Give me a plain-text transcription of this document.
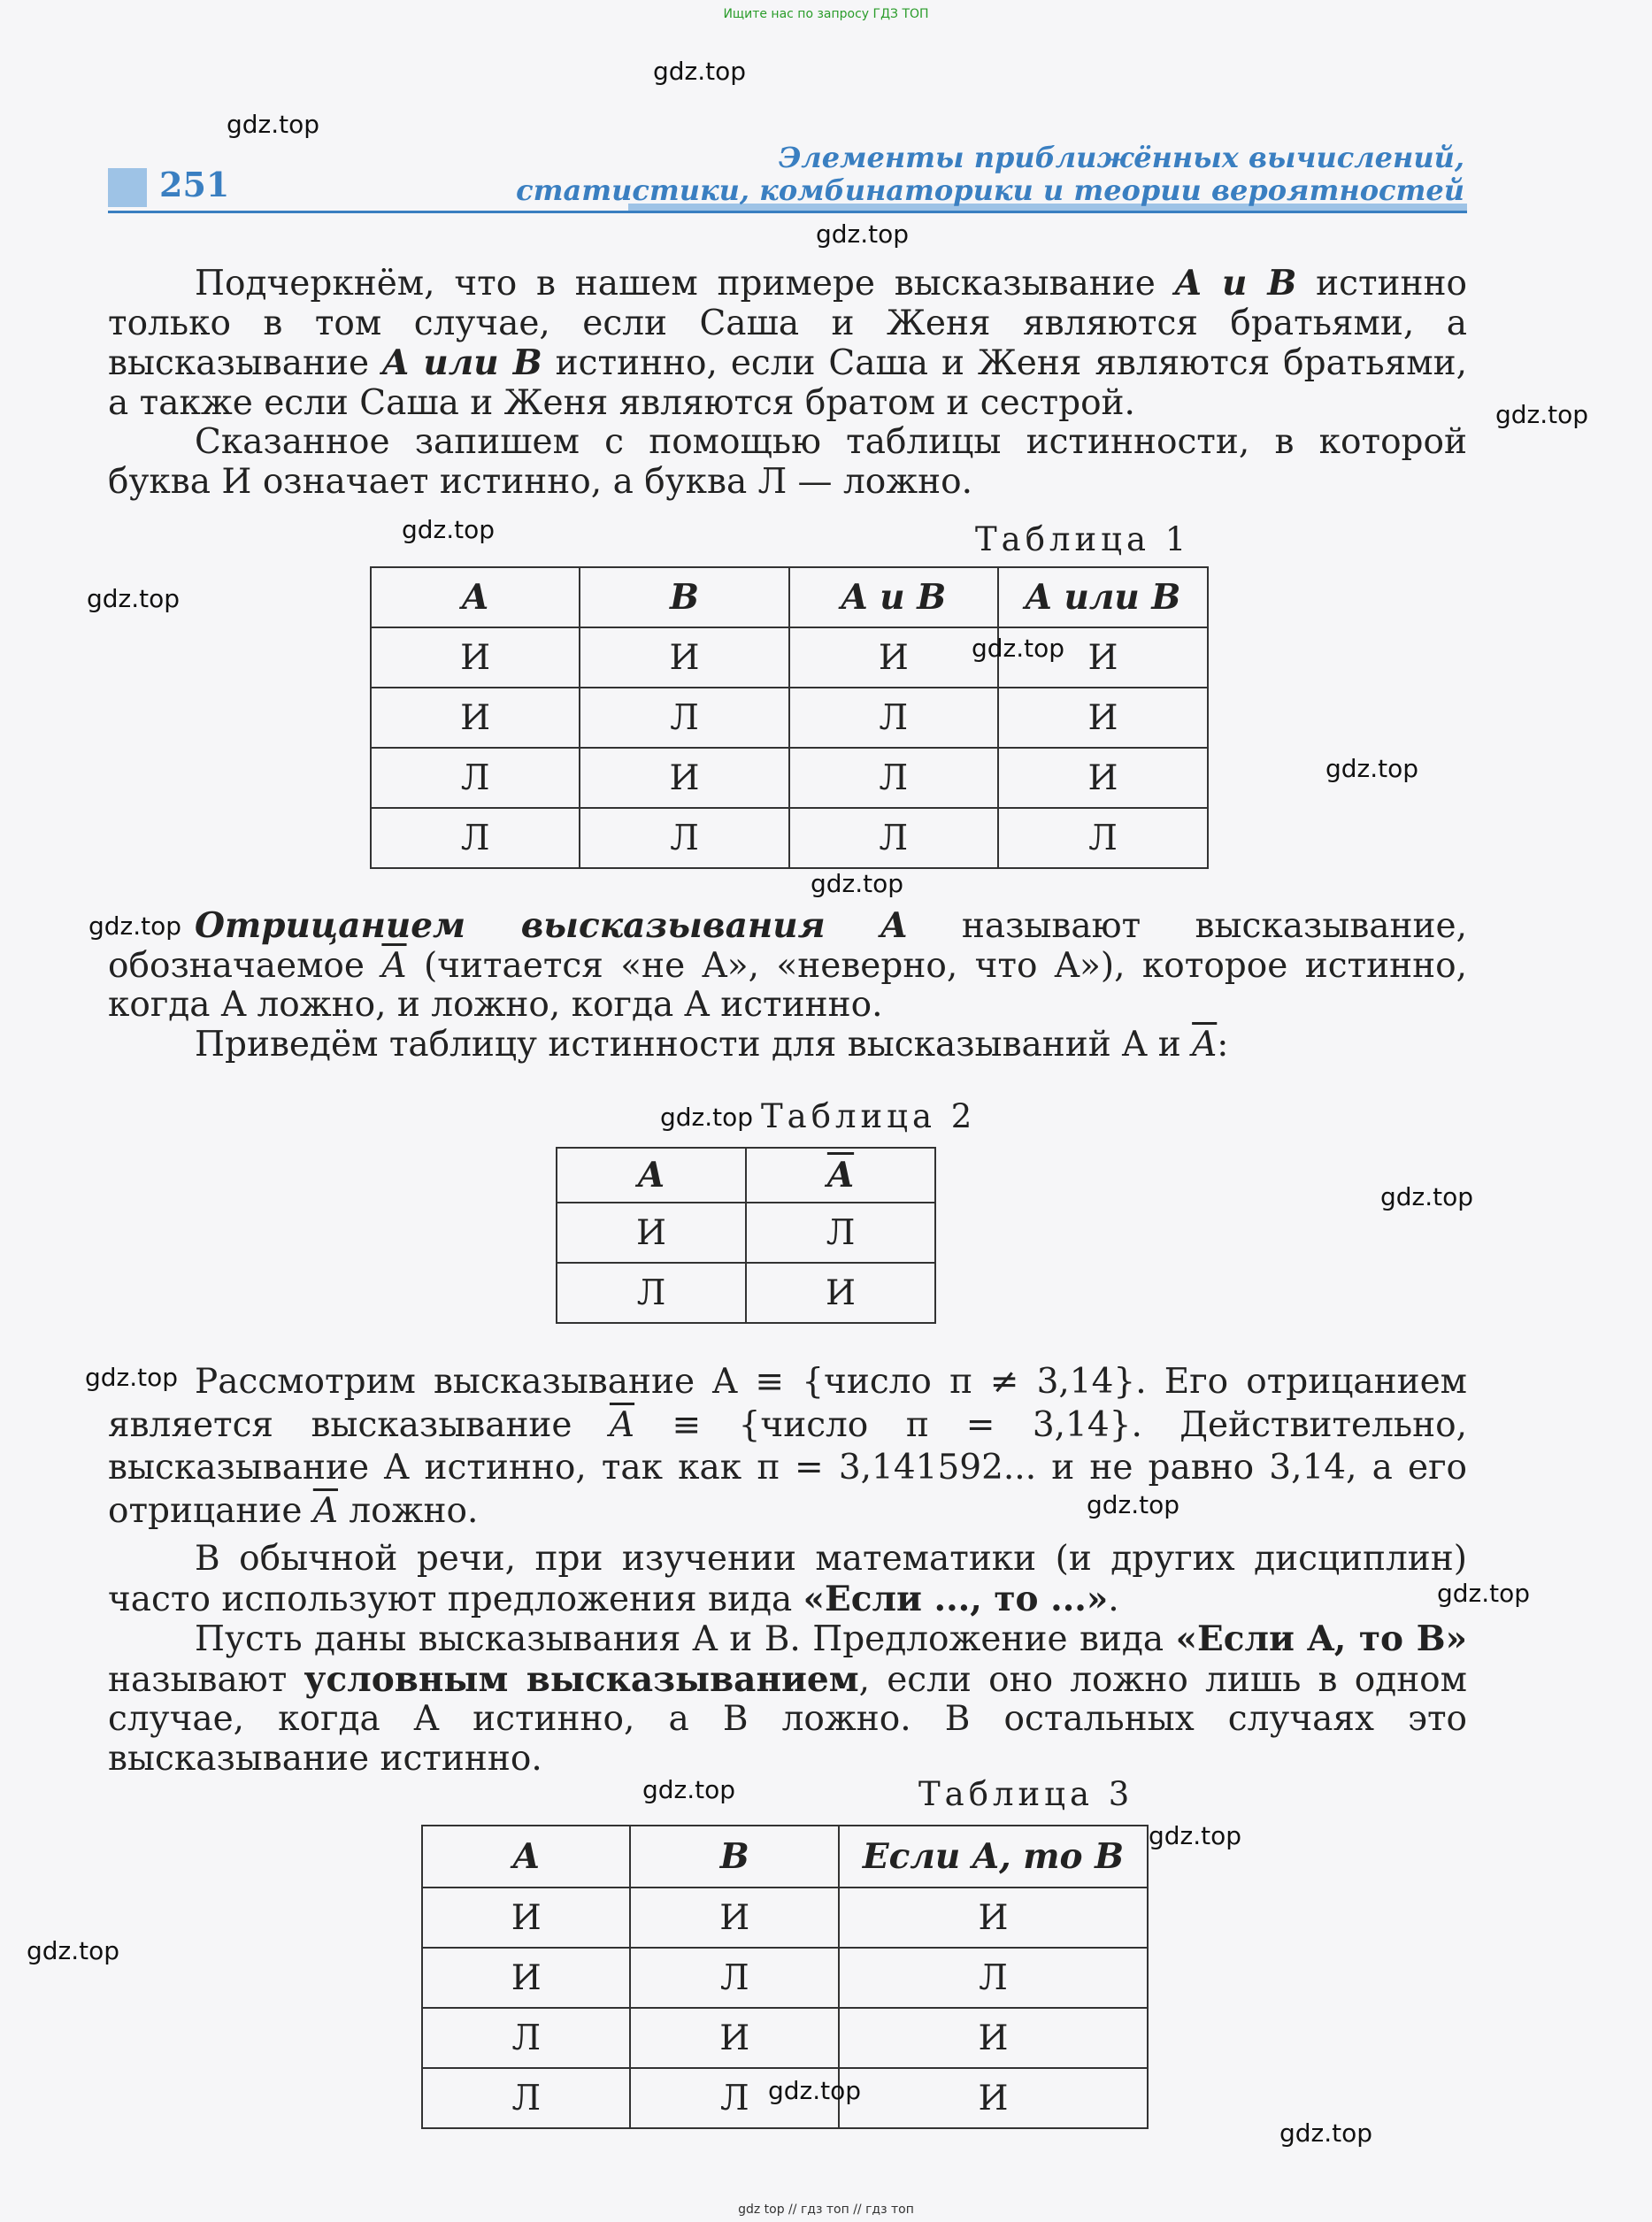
Ищите нас по запросу ГДЗ ТОП
251
Элементы приближённых вычислений,
статистики, комбинаторики и теории вероятностей

Подчеркнём, что в нашем примере высказывание A и B истинно только в том случае, если Саша и Женя являются братьями, а высказывание A или B истинно, если Саша и Женя являются братьями, а также если Саша и Женя являются братом и сестрой.

Сказанное запишем с помощью таблицы истинности, в которой буква И означает истинно, а буква Л — ложно.

Таблица 1
A	B	A и B	A или B
И	И	И	И
И	Л	Л	И
Л	И	Л	И
Л	Л	Л	Л

Отрицанием высказывания A называют высказывание, обозначаемое $\overline{A}$ (читается «не A», «неверно, что A»), которое истинно, когда A ложно, и ложно, когда A истинно.

Приведём таблицу истинности для высказываний A и $\overline{A}$:

Таблица 2
A	$\overline{A}$
И	Л
Л	И

Рассмотрим высказывание A ≡ {число π ≠ 3,14}. Его отрицанием является высказывание $\overline{A}$ ≡ {число π = 3,14}. Действительно, высказывание A истинно, так как π = 3,141592... и не равно 3,14, а его отрицание $\overline{A}$ ложно.

В обычной речи, при изучении математики (и других дисциплин) часто используют предложения вида «Если ..., то ...».

Пусть даны высказывания A и B. Предложение вида «Если A, то B» называют условным высказыванием, если оно ложно лишь в одном случае, когда A истинно, а B ложно. В остальных случаях это высказывание истинно.

Таблица 3
A	B	Если A, то B
И	И	И
И	Л	Л
Л	И	И
Л	Л	И
gdz.top
gdz.top
gdz.top
gdz.top
gdz.top
gdz.top
gdz.top
gdz.top
gdz.top
gdz.top
gdz.top
gdz.top
gdz.top
gdz.top
gdz.top
gdz.top
gdz.top
gdz.top
gdz.top
gdz.top
gdz top // гдз топ // гдз топ
